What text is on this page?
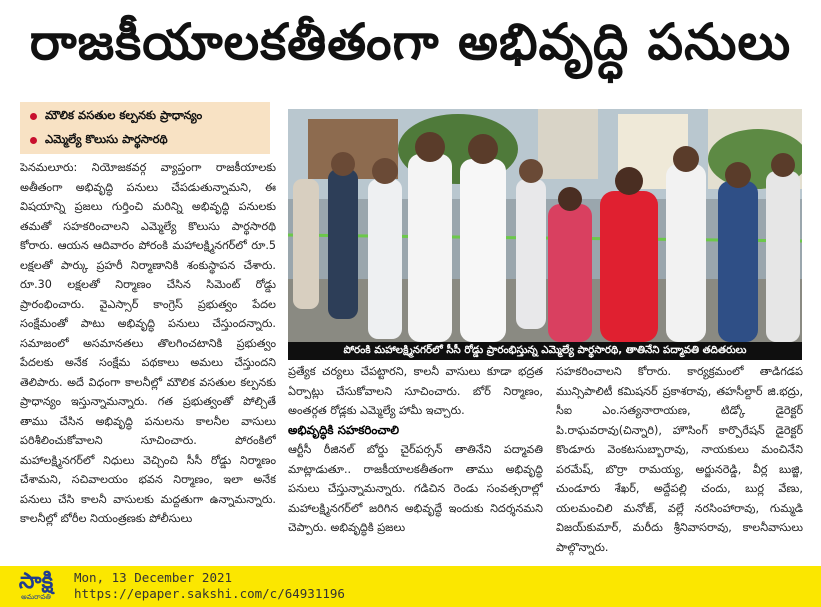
రాజకీయాలకతీతంగా అభివృద్ధి పనులు
మౌలిక వసతుల కల్పనకు ప్రాధాన్యం
ఎమ్మెల్యే కొలుసు పార్థసారథి

పెనమలూరు: నియోజకవర్గ వ్యాప్తంగా రాజకీయాలకు అతీతంగా అభివృద్ధి పనులు చేపడుతున్నామని, ఈ విషయాన్ని ప్రజలు గుర్తించి మరిన్ని అభివృద్ధి పనులకు తమతో సహకరించాలని ఎమ్మెల్యే కొలుసు పార్థసారథి కోరారు. ఆయన ఆదివారం పోరంకి మహాలక్ష్మినగర్‌లో రూ.5 లక్షలతో పార్కు ప్రహరీ నిర్మాణానికి శంకుస్థాపన చేశారు. రూ.30 లక్షలతో నిర్మాణం చేసిన సిమెంట్ రోడ్డు ప్రారంభించారు. వైఎస్సార్ కాంగ్రెస్ ప్రభుత్వం పేదల సంక్షేమంతో పాటు అభివృద్ధి పనులు చేస్తుందన్నారు. సమాజంలో అసమానతలు తొలగించటానికి ప్రభుత్వం పేదలకు అనేక సంక్షేమ పథకాలు అమలు చేస్తుందని తెలిపారు. అదే విధంగా కాలనీల్లో మౌలిక వసతుల కల్పనకు ప్రాధాన్యం ఇస్తున్నామన్నారు. గత ప్రభుత్వంతో పోల్చితే తాము చేసిన అభివృద్ధి పనులను కాలనీల వాసులు పరిశీలించుకోవాలని సూచించారు. పోరంకిలో మహాలక్ష్మినగర్‌లో నిధులు వెచ్చించి సీసీ రోడ్డు నిర్మాణం చేశామని, సచివాలయం భవన నిర్మాణం, ఇలా అనేక పనులు చేసి కాలనీ వాసులకు మద్దతుగా ఉన్నామన్నారు. కాలనీల్లో బోరీల నియంత్రణకు పోలీసులు

పోరంకి మహాలక్ష్మినగర్‌లో సీసీ రోడ్డు ప్రారంభిస్తున్న ఎమ్మెల్యే పార్థసారథి, తాతినేని పద్మావతి తదితరులు

ప్రత్యేక చర్యలు చేపట్టారని, కాలనీ వాసులు కూడా భద్రత ఏర్పాట్లు చేసుకోవాలని సూచించారు. బోర్ నిర్మాణం, అంతర్గత రోడ్లకు ఎమ్మెల్యే హామీ ఇచ్చారు.

అభివృద్ధికి సహకరించాలి

ఆర్టీసీ రీజినల్ బోర్డు చైర్‌పర్సన్ తాతినేని పద్మావతి మాట్లాడుతూ.. రాజకీయాలకతీతంగా తాము అభివృద్ధి పనులు చేస్తున్నామన్నారు. గడిచిన రెండు సంవత్సరాల్లో మహాలక్ష్మినగర్‌లో జరిగిన అభివృద్ధే ఇందుకు నిదర్శనమని చెప్పారు. అభివృద్ధికి ప్రజలు

సహకరించాలని కోరారు. కార్యక్రమంలో తాడిగడప మున్సిపాలిటీ కమిషనర్ ప్రకాశరావు, తహసీల్దార్ జి.భద్రు, సీఐ ఎం.సత్యనారాయణ, టిడ్కో డైరెక్టర్ పి.రాఘవరావు(చిన్నారి), హౌసింగ్ కార్పొరేషన్ డైరెక్టర్ కొండూరు వెంకటసుబ్బారావు, నాయకులు మంచినేని పరమేష్, బొర్రా రామయ్య, అర్జునరెడ్డి, వీర్ల బుజ్జి, చుండూరు శేఖర్, అద్దేపల్లి చందు, బుర్ల వేణు, యలమంచిలి మనోజ్, వల్లే నరసింహారావు, గుమ్మడి విజయ్‌కుమార్, మరీదు శ్రీనివాసరావు, కాలనీవాసులు పాల్గొన్నారు.

సాక్షి
అమరావతి
Mon, 13 December 2021
https://epaper.sakshi.com/c/64931196
